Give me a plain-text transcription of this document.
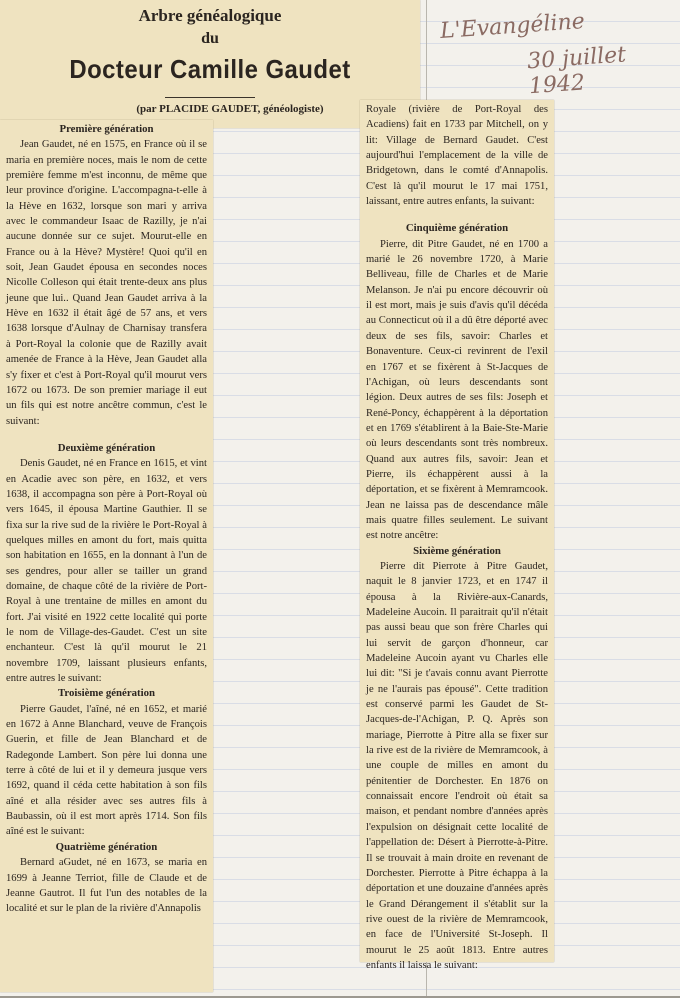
Arbre généalogique
du
Docteur Camille Gaudet
(par PLACIDE GAUDET, généologiste)
L'Evangéline
30 juillet 1942
Première génération

Jean Gaudet, né en 1575, en France où il se maria en première noces, mais le nom de cette première femme m'est inconnu, de même que leur province d'origine. L'accompagna-t-elle à la Hève en 1632, lorsque son mari y arriva avec le commandeur Isaac de Razilly, je n'ai aucune donnée sur ce sujet. Mourut-elle en France ou à la Hève? Mystère! Quoi qu'il en soit, Jean Gaudet épousa en secondes noces Nicolle Colleson qui était trente-deux ans plus jeune que lui.. Quand Jean Gaudet arriva à la Hève en 1632 il était âgé de 57 ans, et vers 1638 lorsque d'Aulnay de Charnisay transfera à Port-Royal la colonie que de Razilly avait amenée de France à la Hève, Jean Gaudet alla s'y fixer et c'est à Port-Royal qu'il mourut vers 1672 ou 1673. De son premier mariage il eut un fils qui est notre ancêtre commun, c'est le suivant:

Deuxième génération

Denis Gaudet, né en France en 1615, et vint en Acadie avec son père, en 1632, et vers 1638, il accompagna son père à Port-Royal où vers 1645, il épousa Martine Gauthier. Il se fixa sur la rive sud de la rivière le Port-Royal à quelques milles en amont du fort, mais quitta son habitation en 1655, en la donnant à l'un de ses gendres, pour aller se tailler un grand domaine, de chaque côté de la rivière de Port-Royal à une trentaine de milles en amont du fort. J'ai visité en 1922 cette localité qui porte le nom de Village-des-Gaudet. C'est un site enchanteur. C'est là qu'il mourut le 21 novembre 1709, laissant plusieurs enfants, entre autres le suivant:

Troisième génération

Pierre Gaudet, l'aîné, né en 1652, et marié en 1672 à Anne Blanchard, veuve de François Guerin, et fille de Jean Blanchard et de Radegonde Lambert. Son père lui donna une terre à côté de lui et il y demeura jusque vers 1692, quand il céda cette habitation à son fils aîné et alla résider avec ses autres fils à Baubassin, où il est mort après 1714. Son fils aîné est le suivant:

Quatrième génération

Bernard aGudet, né en 1673, se maria en 1699 à Jeanne Terriot, fille de Claude et de Jeanne Gautrot. Il fut l'un des notables de la localité et sur le plan de la rivière d'Annapolis

Royale (rivière de Port-Royal des Acadiens) fait en 1733 par Mitchell, on y lit: Village de Bernard Gaudet. C'est aujourd'hui l'emplacement de la ville de Bridgetown, dans le comté d'Annapolis. C'est là qu'il mourut le 17 mai 1751, laissant, entre autres enfants, la suivant:

Cinquième génération

Pierre, dit Pitre Gaudet, né en 1700 a marié le 26 novembre 1720, à Marie Belliveau, fille de Charles et de Marie Melanson. Je n'ai pu encore découvrir où il est mort, mais je suis d'avis qu'il décéda au Connecticut où il a dû être déporté avec deux de ses fils, savoir: Charles et Bonaventure. Ceux-ci revinrent de l'exil en 1767 et se fixèrent à St-Jacques de l'Achigan, où leurs descendants sont légion. Deux autres de ses fils: Joseph et René-Poncy, échappèrent à la déportation et en 1769 s'établirent à la Baie-Ste-Marie où leurs descendants sont très nombreux. Quand aux autres fils, savoir: Jean et Pierre, ils échappèrent aussi à la déportation, et se fixèrent à Memramcook. Jean ne laissa pas de descendance mâle mais quatre filles seulement. Le suivant est notre ancêtre:

Sixième génération

Pierre dit Pierrote à Pitre Gaudet, naquit le 8 janvier 1723, et en 1747 il épousa à la Rivière-aux-Canards, Madeleine Aucoin. Il paraitrait qu'il n'était pas aussi beau que son frère Charles qui lui servit de garçon d'honneur, car Madeleine Aucoin ayant vu Charles elle lui dit: "Si je t'avais connu avant Pierrotte je ne l'aurais pas épousé". Cette tradition est conservé parmi les Gaudet de St-Jacques-de-l'Achigan, P. Q. Après son mariage, Pierrotte à Pitre alla se fixer sur la rive est de la rivière de Memramcook, à une couple de milles en amont du pénitentier de Dorchester. En 1876 on connaissait encore l'endroit où était sa maison, et pendant nombre d'années après l'expulsion on désignait cette localité de l'appellation de: Désert à Pierrotte-à-Pitre. Il se trouvait à main droite en revenant de Dorchester. Pierrotte à Pitre échappa à la déportation et une douzaine d'années après le Grand Dérangement il s'établit sur la rive ouest de la rivière de Memramcook, en face de l'Université St-Joseph. Il mourut le 25 août 1813. Entre autres enfants il laissa le suivant:
